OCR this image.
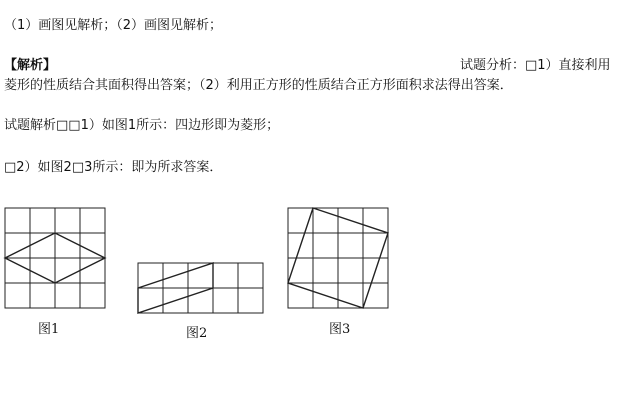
（1）画图见解析；（2）画图见解析；
【解析】	试题分析：□1）直接利用
菱形的性质结合其面积得出答案；（2）利用正方形的性质结合正方形面积求法得出答案．
试题解析□□1）如图1所示：四边形即为菱形；
□2）如图2□3所示：即为所求答案．
图1	图2	图3
